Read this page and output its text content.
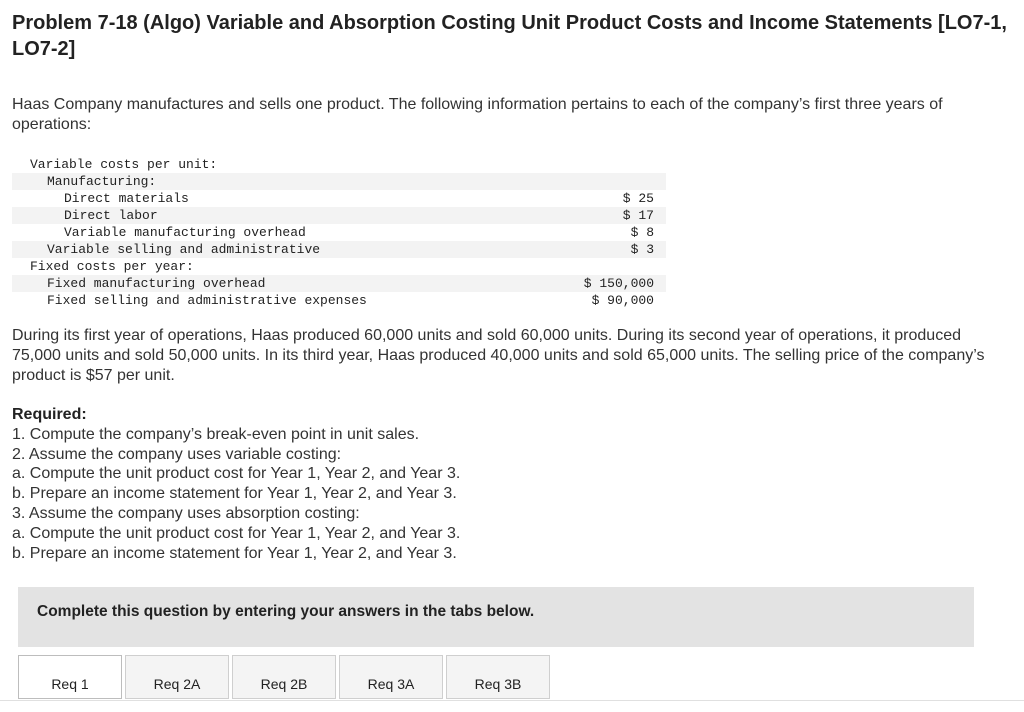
Problem 7-18 (Algo) Variable and Absorption Costing Unit Product Costs and Income Statements [LO7-1, LO7-2]
Haas Company manufactures and sells one product. The following information pertains to each of the company’s first three years of operations:
Variable costs per unit:
Manufacturing:
Direct materials	$ 25
Direct labor	$ 17
Variable manufacturing overhead	$ 8
Variable selling and administrative	$ 3
Fixed costs per year:
Fixed manufacturing overhead	$ 150,000
Fixed selling and administrative expenses	$ 90,000
During its first year of operations, Haas produced 60,000 units and sold 60,000 units. During its second year of operations, it produced 75,000 units and sold 50,000 units. In its third year, Haas produced 40,000 units and sold 65,000 units. The selling price of the company’s product is $57 per unit.
Required:
1. Compute the company’s break-even point in unit sales.
2. Assume the company uses variable costing:
a. Compute the unit product cost for Year 1, Year 2, and Year 3.
b. Prepare an income statement for Year 1, Year 2, and Year 3.
3. Assume the company uses absorption costing:
a. Compute the unit product cost for Year 1, Year 2, and Year 3.
b. Prepare an income statement for Year 1, Year 2, and Year 3.
Complete this question by entering your answers in the tabs below.
Req 1	Req 2A	Req 2B	Req 3A	Req 3B
